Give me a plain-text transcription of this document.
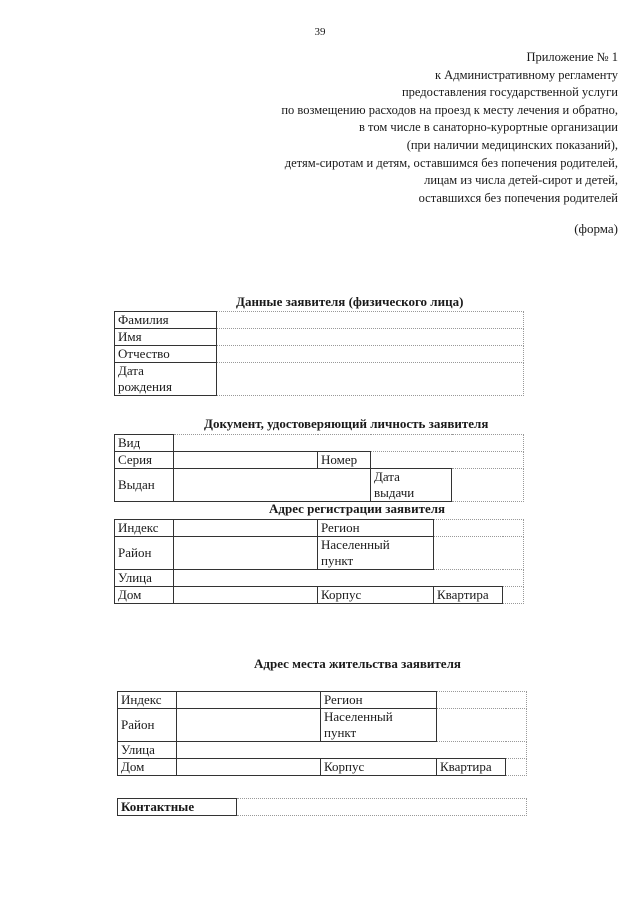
39
Приложение № 1
к Административному регламенту
предоставления государственной услуги
по возмещению расходов на проезд к месту лечения и обратно,
в том числе в санаторно-курортные организации
(при наличии медицинских показаний),
детям-сиротам и детям, оставшимся без попечения родителей,
лицам из числа детей-сирот и детей,
оставшихся без попечения родителей
(форма)
Данные заявителя (физического лица)
Фамилия	
Имя	
Отчество	

Дата
рождения	

Документ, удостоверяющий личность заявителя
Вид				
Серия		Номер		
Выдан			Дата
выдачи	

Адрес регистрации заявителя
Индекс		Регион		
Район		Населенный
пункт		

Улица				
Дом		Корпус	Квартира	
Адрес места жительства заявителя
Индекс		Регион		
Район		Населенный
пункт		

Улица				
Дом		Корпус	Квартира	
Контактные	
